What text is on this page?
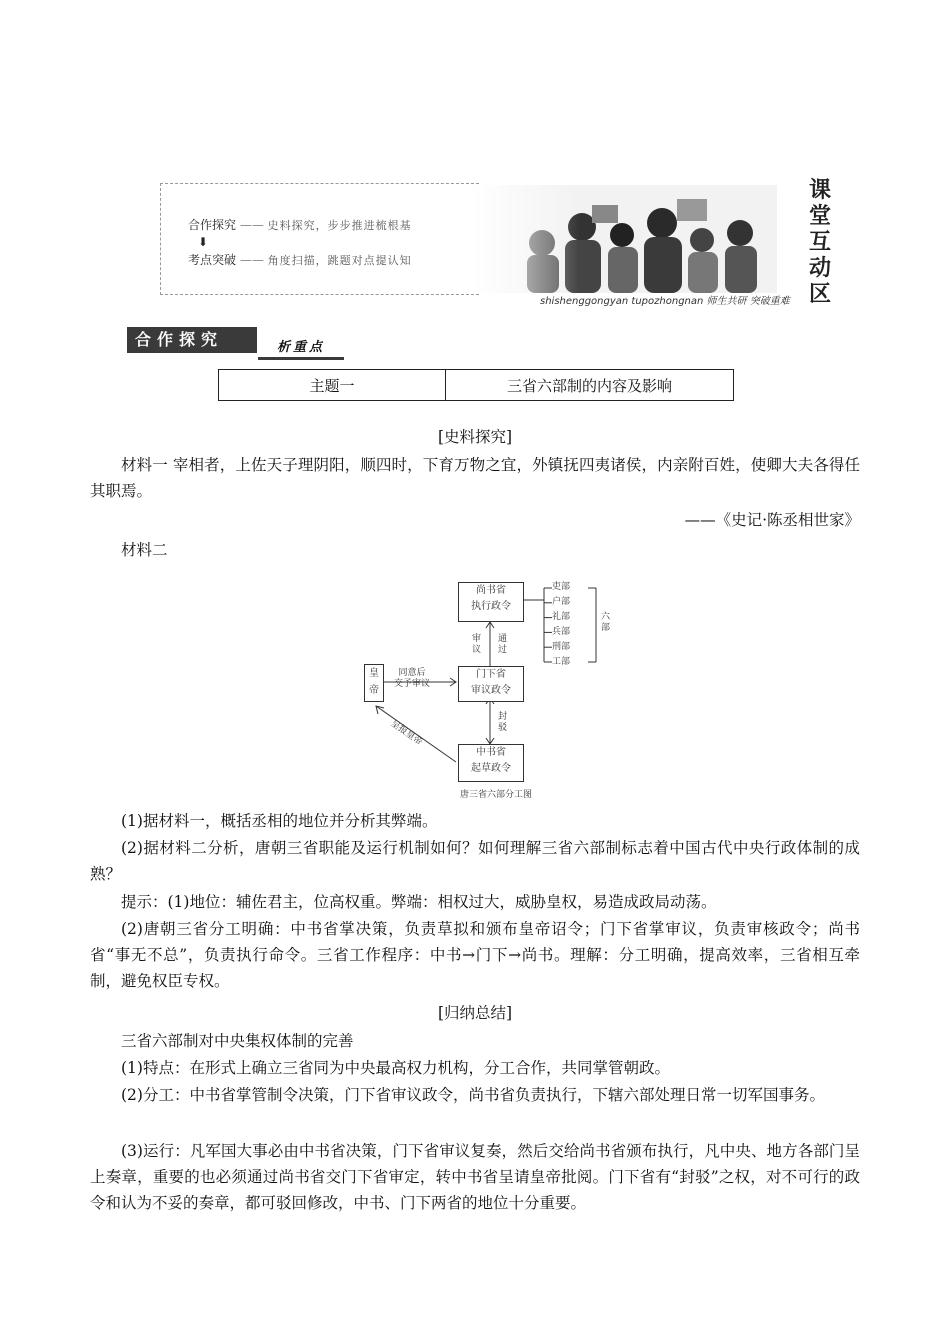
合作探究 —— 史料探究，步步推进梳根基
⬇
考点突破 —— 角度扫描，跳题对点提认知
课
堂
互
动
区
shishenggongyan tupozhongnan 师生共研 突破重难
合作探究	析重点
主题一	三省六部制的内容及影响
[史料探究]
材料一 宰相者，上佐天子理阴阳，顺四时，下育万物之宜，外镇抚四夷诸侯，内亲附百姓，使卿大夫各得任其职焉。
——《史记·陈丞相世家》
材料二
尚书省
执行政令
门下省
审议政令
中书省
起草政令
皇
帝
吏部
户部
礼部
兵部
刑部
工部
六
部
审
议
通
过
封
驳
同意后
交予审议
呈报皇帝
唐三省六部分工图
(1)据材料一，概括丞相的地位并分析其弊端。
(2)据材料二分析，唐朝三省职能及运行机制如何？如何理解三省六部制标志着中国古代中央行政体制的成熟？
提示：(1)地位：辅佐君主，位高权重。弊端：相权过大，威胁皇权，易造成政局动荡。
(2)唐朝三省分工明确：中书省掌决策，负责草拟和颁布皇帝诏令；门下省掌审议，负责审核政令；尚书省“事无不总”，负责执行命令。三省工作程序：中书→门下→尚书。理解：分工明确，提高效率，三省相互牵制，避免权臣专权。
[归纳总结]
三省六部制对中央集权体制的完善
(1)特点：在形式上确立三省同为中央最高权力机构，分工合作，共同掌管朝政。
(2)分工：中书省掌管制令决策，门下省审议政令，尚书省负责执行，下辖六部处理日常一切军国事务。
(3)运行：凡军国大事必由中书省决策，门下省审议复奏，然后交给尚书省颁布执行，凡中央、地方各部门呈上奏章，重要的也必须通过尚书省交门下省审定，转中书省呈请皇帝批阅。门下省有“封驳”之权，对不可行的政令和认为不妥的奏章，都可驳回修改，中书、门下两省的地位十分重要。
